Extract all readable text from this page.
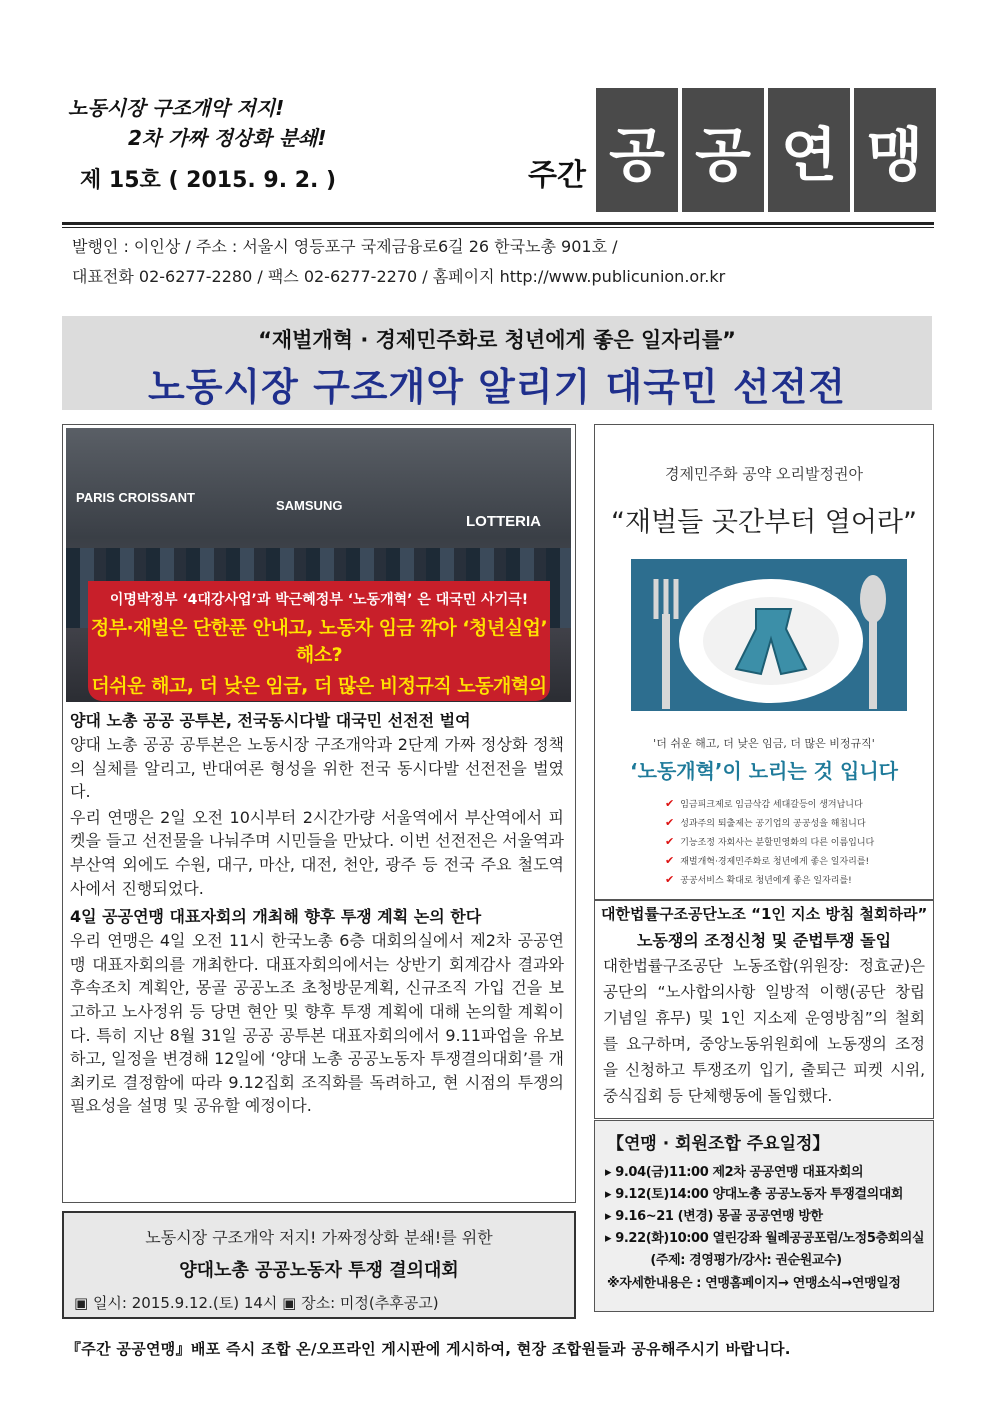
노동시장 구조개악 저지!
2차 가짜 정상화 분쇄!
제 15호 ( 2015. 9. 2. )	주간 공 공 연 맹
발행인 : 이인상 / 주소 : 서울시 영등포구 국제금융로6길 26 한국노총 901호 /
대표전화 02-6277-2280 / 팩스 02-6277-2270 / 홈페이지 http://www.publicunion.or.kr
“재벌개혁 · 경제민주화로 청년에게 좋은 일자리를”
노동시장 구조개악 알리기 대국민 선전전
PARIS CROISSANT
SAMSUNG
LOTTERIA
이명박정부 ‘4대강사업’과 박근혜정부 ‘노동개혁’ 은 대국민 사기극!
정부·재벌은 단한푼 안내고, 노동자 임금 깎아 ‘청년실업’ 해소?
더쉬운 해고, 더 낮은 임금, 더 많은 비정규직 노동개혁의
양대 노총 공공 공투본, 전국동시다발 대국민 선전전 벌여
양대 노총 공공 공투본은 노동시장 구조개악과 2단계 가짜 정상화 정책의 실체를 알리고, 반대여론 형성을 위한 전국 동시다발 선전전을 벌였다.
우리 연맹은 2일 오전 10시부터 2시간가량 서울역에서 부산역에서 피켓을 들고 선전물을 나눠주며 시민들을 만났다. 이번 선전전은 서울역과 부산역 외에도 수원, 대구, 마산, 대전, 천안, 광주 등 전국 주요 철도역사에서 진행되었다.
4일 공공연맹 대표자회의 개최해 향후 투쟁 계획 논의 한다
우리 연맹은 4일 오전 11시 한국노총 6층 대회의실에서 제2차 공공연맹 대표자회의를 개최한다. 대표자회의에서는 상반기 회계감사 결과와 후속조치 계획안, 몽골 공공노조 초청방문계획, 신규조직 가입 건을 보고하고 노사정위 등 당면 현안 및 향후 투쟁 계획에 대해 논의할 계획이다. 특히 지난 8월 31일 공공 공투본 대표자회의에서 9.11파업을 유보하고, 일정을 변경해 12일에 ‘양대 노총 공공노동자 투쟁결의대회’를 개최키로 결정함에 따라 9.12집회 조직화를 독려하고, 현 시점의 투쟁의 필요성을 설명 및 공유할 예정이다.
노동시장 구조개악 저지! 가짜정상화 분쇄!를 위한
양대노총 공공노동자 투쟁 결의대회
▣ 일시: 2015.9.12.(토) 14시 ▣ 장소: 미정(추후공고)
경제민주화 공약 오리발정권아
“재벌들 곳간부터 열어라”
'더 쉬운 해고, 더 낮은 임금, 더 많은 비정규직'
‘노동개혁’이 노리는 것 입니다
✔ 임금피크제로 임금삭감 세대갈등이 생겨납니다
✔ 성과주의 퇴출제는 공기업의 공공성을 해칩니다
✔ 기능조정 자회사는 분할민영화의 다른 이름입니다
✔ 재벌개혁·경제민주화로 청년에게 좋은 일자리를!
✔ 공공서비스 확대로 청년에게 좋은 일자리를!
대한법률구조공단노조 “1인 지소 방침 철회하라”
노동쟁의 조정신청 및 준법투쟁 돌입
대한법률구조공단 노동조합(위원장: 정효균)은 공단의 “노사합의사항 일방적 이행(공단 창립 기념일 휴무) 및 1인 지소제 운영방침”의 철회를 요구하며, 중앙노동위원회에 노동쟁의 조정을 신청하고 투쟁조끼 입기, 출퇴근 피켓 시위, 중식집회 등 단체행동에 돌입했다.
【연맹 · 회원조합 주요일정】
▸ 9.04(금)11:00 제2차 공공연맹 대표자회의
▸ 9.12(토)14:00 양대노총 공공노동자 투쟁결의대회
▸ 9.16~21 (변경) 몽골 공공연맹 방한
▸ 9.22(화)10:00 열린강좌 월례공공포럼/노정5층회의실
(주제: 경영평가/강사: 권순원교수)
※자세한내용은 : 연맹홈페이지→ 연맹소식→연맹일정
『주간 공공연맹』배포 즉시 조합 온/오프라인 게시판에 게시하여, 현장 조합원들과 공유해주시기 바랍니다.
